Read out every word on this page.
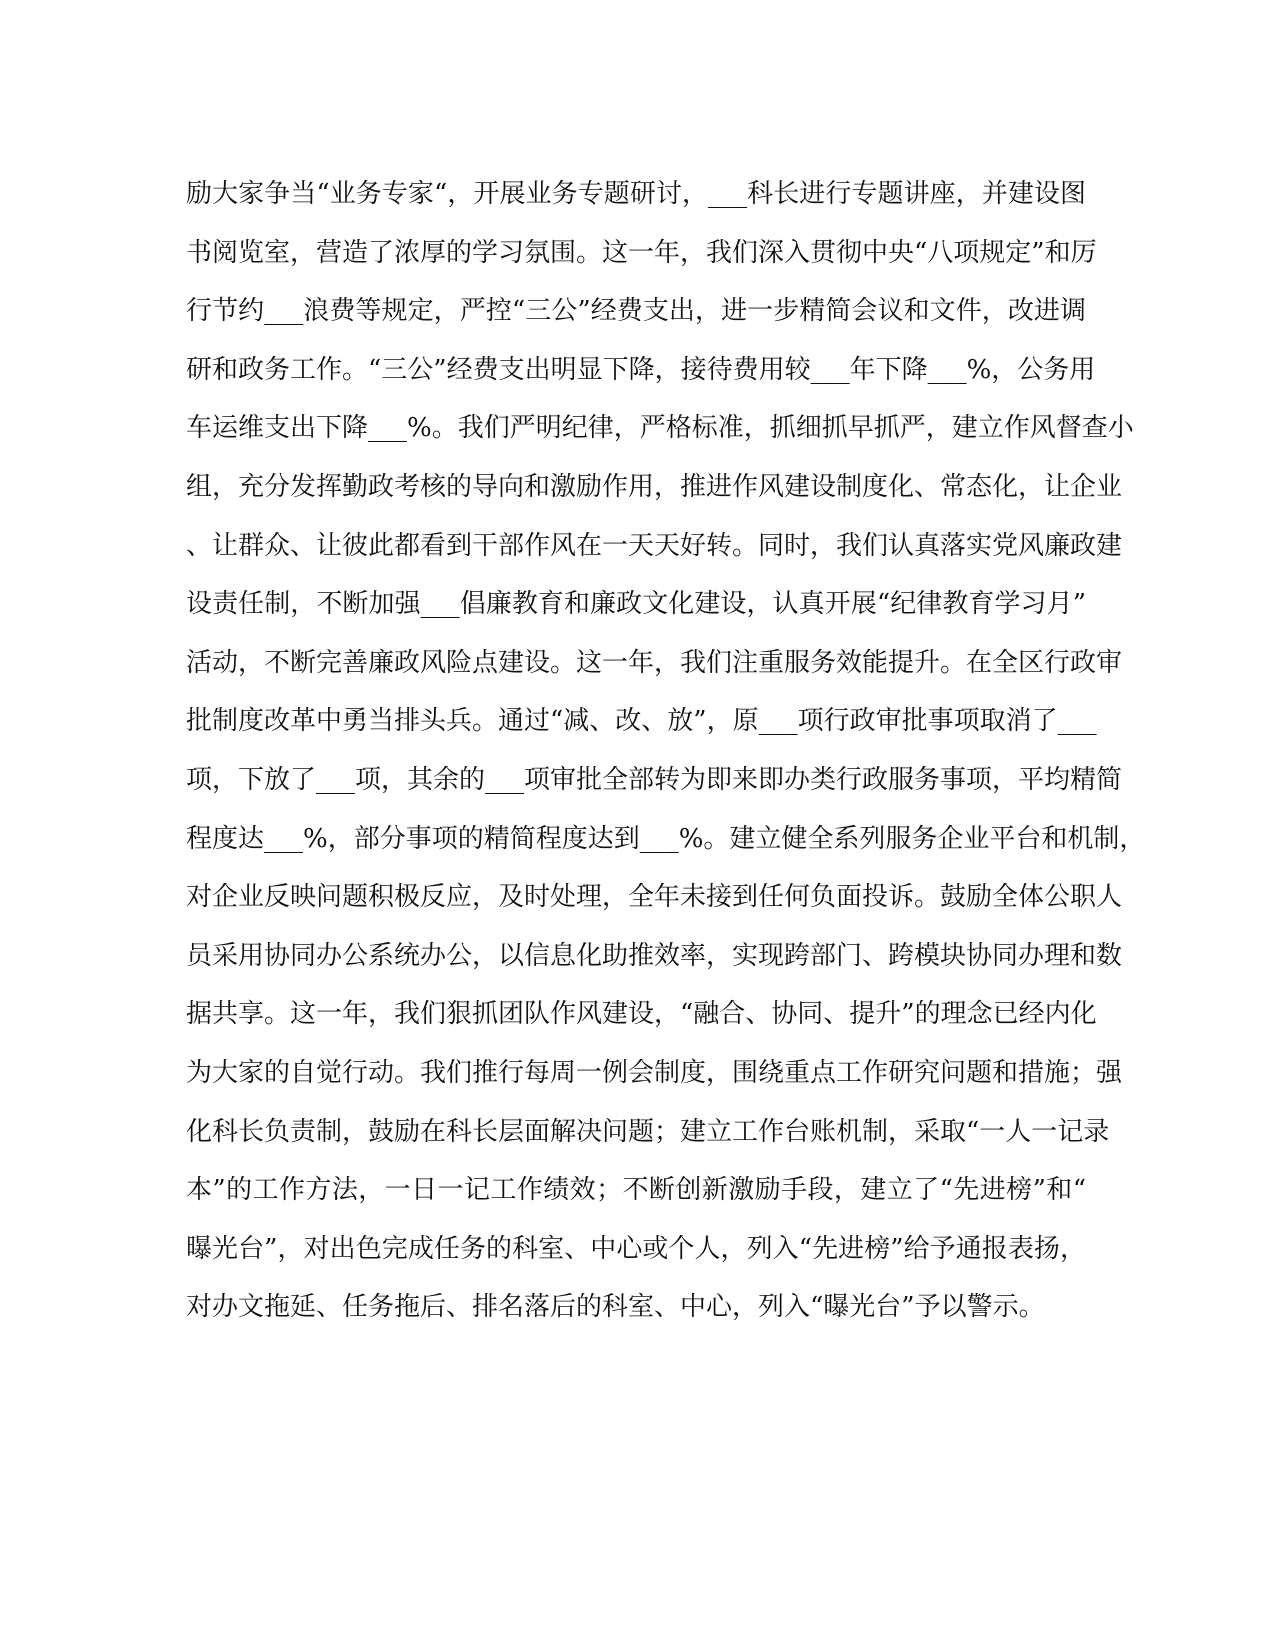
励大家争当“业务专家“，开展业务专题研讨，___科长进行专题讲座，并建设图
书阅览室，营造了浓厚的学习氛围。这一年，我们深入贯彻中央“八项规定”和厉
行节约___浪费等规定，严控“三公”经费支出，进一步精简会议和文件，改进调
研和政务工作。“三公”经费支出明显下降，接待费用较___年下降___%，公务用
车运维支出下降___%。我们严明纪律，严格标准，抓细抓早抓严，建立作风督查小
组，充分发挥勤政考核的导向和激励作用，推进作风建设制度化、常态化，让企业
、让群众、让彼此都看到干部作风在一天天好转。同时，我们认真落实党风廉政建
设责任制，不断加强___倡廉教育和廉政文化建设，认真开展“纪律教育学习月”
活动，不断完善廉政风险点建设。这一年，我们注重服务效能提升。在全区行政审
批制度改革中勇当排头兵。通过“减、改、放”，原___项行政审批事项取消了___
项，下放了___项，其余的___项审批全部转为即来即办类行政服务事项，平均精简
程度达___%，部分事项的精简程度达到___%。建立健全系列服务企业平台和机制，
对企业反映问题积极反应，及时处理，全年未接到任何负面投诉。鼓励全体公职人
员采用协同办公系统办公，以信息化助推效率，实现跨部门、跨模块协同办理和数
据共享。这一年，我们狠抓团队作风建设，“融合、协同、提升”的理念已经内化
为大家的自觉行动。我们推行每周一例会制度，围绕重点工作研究问题和措施；强
化科长负责制，鼓励在科长层面解决问题；建立工作台账机制，采取“一人一记录
本”的工作方法，一日一记工作绩效；不断创新激励手段，建立了“先进榜”和“
曝光台”，对出色完成任务的科室、中心或个人，列入“先进榜”给予通报表扬，
对办文拖延、任务拖后、排名落后的科室、中心，列入“曝光台”予以警示。
